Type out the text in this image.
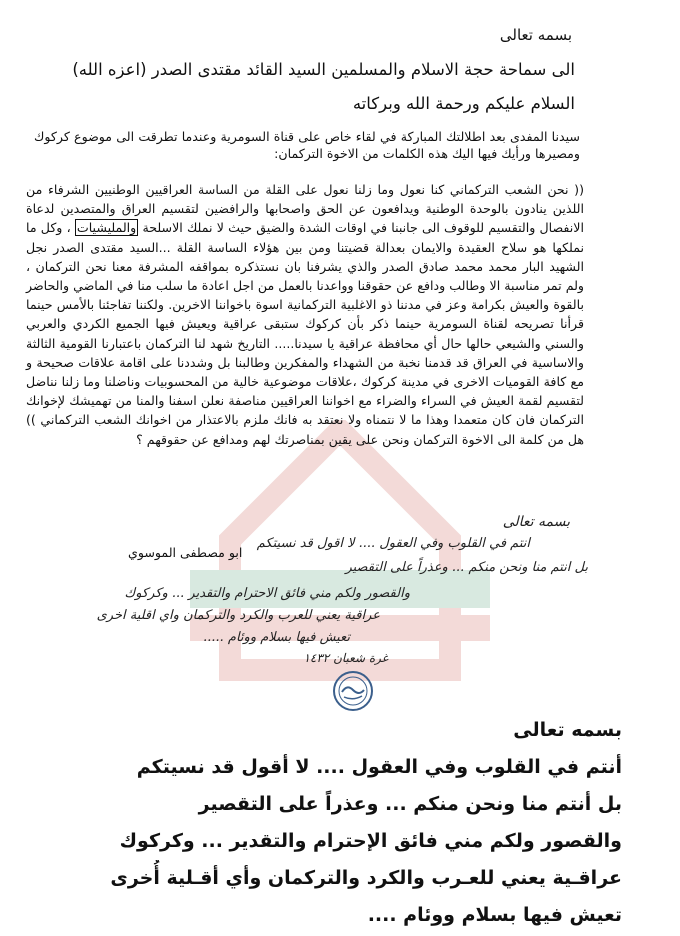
بسمه تعالى
الى سماحة حجة الاسلام والمسلمين السيد القائد مقتدى الصدر (اعزه الله)
السلام عليكم ورحمة الله وبركاته
سيدنا المفدى بعد اطلالتك المباركة في لقاء خاص على قناة السومرية وعندما تطرقت الى موضوع كركوك ومصيرها ورأيك فيها اليك هذه الكلمات من الاخوة التركمان:
(( نحن الشعب التركماني كنا نعول وما زلنا نعول على القلة من الساسة العراقيين الوطنيين الشرفاء من اللذين ينادون بالوحدة الوطنية ويدافعون عن الحق واصحابها والرافضين لتقسيم العراق والمتصدين لدعاة الانفصال والتقسيم للوقوف الى جانبنا في اوقات الشدة والضيق حيث لا نملك الاسلحة والمليشيات ، وكل ما نملكها هو سلاح العقيدة والايمان بعدالة قضيتنا ومن بين هؤلاء الساسة القلة ...السيد مقتدى الصدر نجل الشهيد البار محمد محمد صادق الصدر والذي يشرفنا بان نستذكره بمواقفه المشرفة معنا نحن التركمان ، ولم تمر مناسبة الا وطالب ودافع عن حقوقنا وواعدنا بالعمل من اجل اعادة ما سلب منا في الماضي والحاضر بالقوة والعيش بكرامة وعز في مدننا ذو الاغلبية التركمانية اسوة باخواننا الاخرين. ولكننا تفاجئنا بالأمس حينما قرأنا تصريحه لقناة السومرية حينما ذكر بأن كركوك ستبقى عراقية ويعيش فيها الجميع الكردي والعربي والسني والشيعي حالها حال أي محافظة عراقية يا سيدنا..... التاريخ شهد لنا التركمان باعتبارنا القومية الثالثة والاساسية في العراق قد قدمنا نخبة من الشهداء والمفكرين وطالبنا بل وشددنا على اقامة علاقات صحيحة و مع كافة القوميات الاخرى في مدينة كركوك ،علاقات موضوعية خالية من المحسوبيات وناضلنا وما زلنا نناضل لتقسيم لقمة العيش في السراء والضراء مع اخواننا العراقيين مناصفة نعلن اسفنا والمنا من تهميشك لإخوانك التركمان فان كان متعمدا وهذا ما لا نتمناه ولا نعتقد به فانك ملزم بالاعتذار من اخوانك الشعب التركماني )) هل من كلمة الى الاخوة التركمان ونحن على يقين بمناصرتك لهم ومدافع عن حقوقهم ؟
ابو مصطفى الموسوي
بسمه تعالى
انتم في القلوب وفي العقول .... لا اقول قد نسيتكم
بل انتم منا ونحن منكم ... وعذراً على التقصير
والقصور ولكم مني فائق الاحترام والتقدير ... وكركوك
عراقية يعني للعرب والكرد والتركمان واي اقلية اخرى
تعيش فيها بسلام ووئام .....
غرة شعبان ١٤٣٢
بسمه تعالى
أنتم في القلوب وفي العقول .... لا أقول قد نسيتكم
بل أنتم منا ونحن منكم ... وعذراً على التقصير
والقصور ولكم مني فائق الإحترام والتقدير ... وكركوك
عراقـية يعني للعـرب والكرد والتركمان وأي أقـلية أُخرى
تعيش فيها بسلام ووئام ....
